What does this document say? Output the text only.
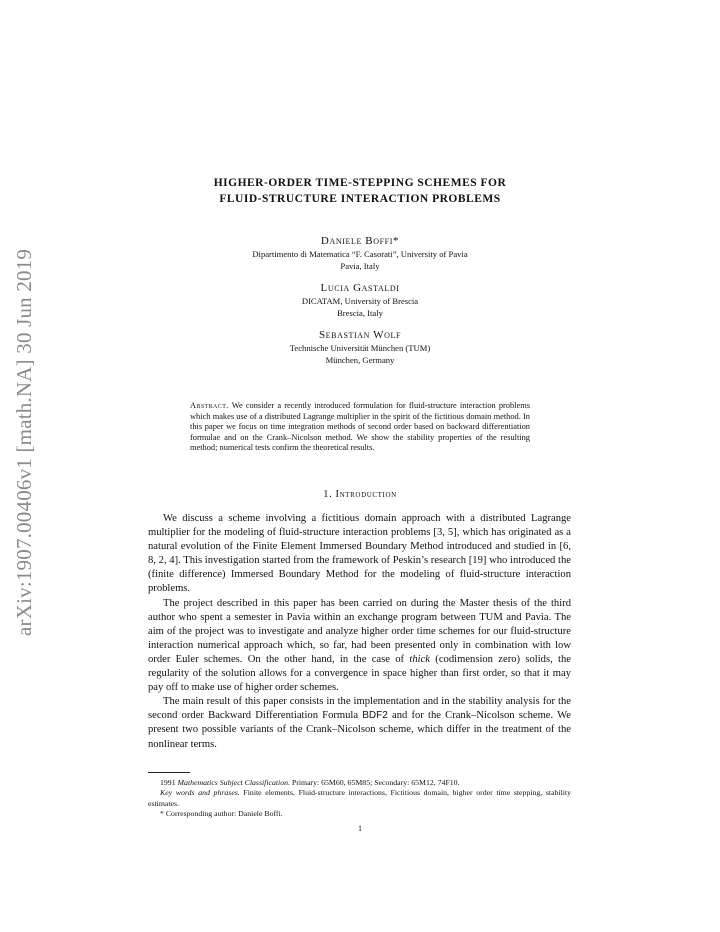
arXiv:1907.00406v1 [math.NA] 30 Jun 2019
HIGHER-ORDER TIME-STEPPING SCHEMES FOR
FLUID-STRUCTURE INTERACTION PROBLEMS
Daniele Boffi*
Dipartimento di Matematica “F. Casorati”, University of Pavia
Pavia, Italy
Lucia Gastaldi
DICATAM, University of Brescia
Brescia, Italy
Sebastian Wolf
Technische Universität München (TUM)
München, Germany
Abstract. We consider a recently introduced formulation for fluid-structure interaction problems which makes use of a distributed Lagrange multiplier in the spirit of the fictitious domain method. In this paper we focus on time integration methods of second order based on backward differentiation formulae and on the Crank–Nicolson method. We show the stability properties of the resulting method; numerical tests confirm the theoretical results.
1. Introduction

We discuss a scheme involving a fictitious domain approach with a distributed Lagrange multiplier for the modeling of fluid-structure interaction problems [3, 5], which has originated as a natural evolution of the Finite Element Immersed Boundary Method introduced and studied in [6, 8, 2, 4]. This investigation started from the framework of Peskin’s research [19] who introduced the (finite difference) Immersed Boundary Method for the modeling of fluid-structure interaction problems.

The project described in this paper has been carried on during the Master thesis of the third author who spent a semester in Pavia within an exchange program between TUM and Pavia. The aim of the project was to investigate and analyze higher order time schemes for our fluid-structure interaction numerical approach which, so far, had been presented only in combination with low order Euler schemes. On the other hand, in the case of thick (codimension zero) solids, the regularity of the solution allows for a convergence in space higher than first order, so that it may pay off to make use of higher order schemes.

The main result of this paper consists in the implementation and in the stability analysis for the second order Backward Differentiation Formula BDF2 and for the Crank–Nicolson scheme. We present two possible variants of the Crank–Nicolson scheme, which differ in the treatment of the nonlinear terms.

1991 Mathematics Subject Classification. Primary: 65M60, 65M85; Secondary: 65M12, 74F10.

Key words and phrases. Finite elements, Fluid-structure interactions, Fictitious domain, higher order time stepping, stability estimates.

* Corresponding author: Daniele Boffi.

1
